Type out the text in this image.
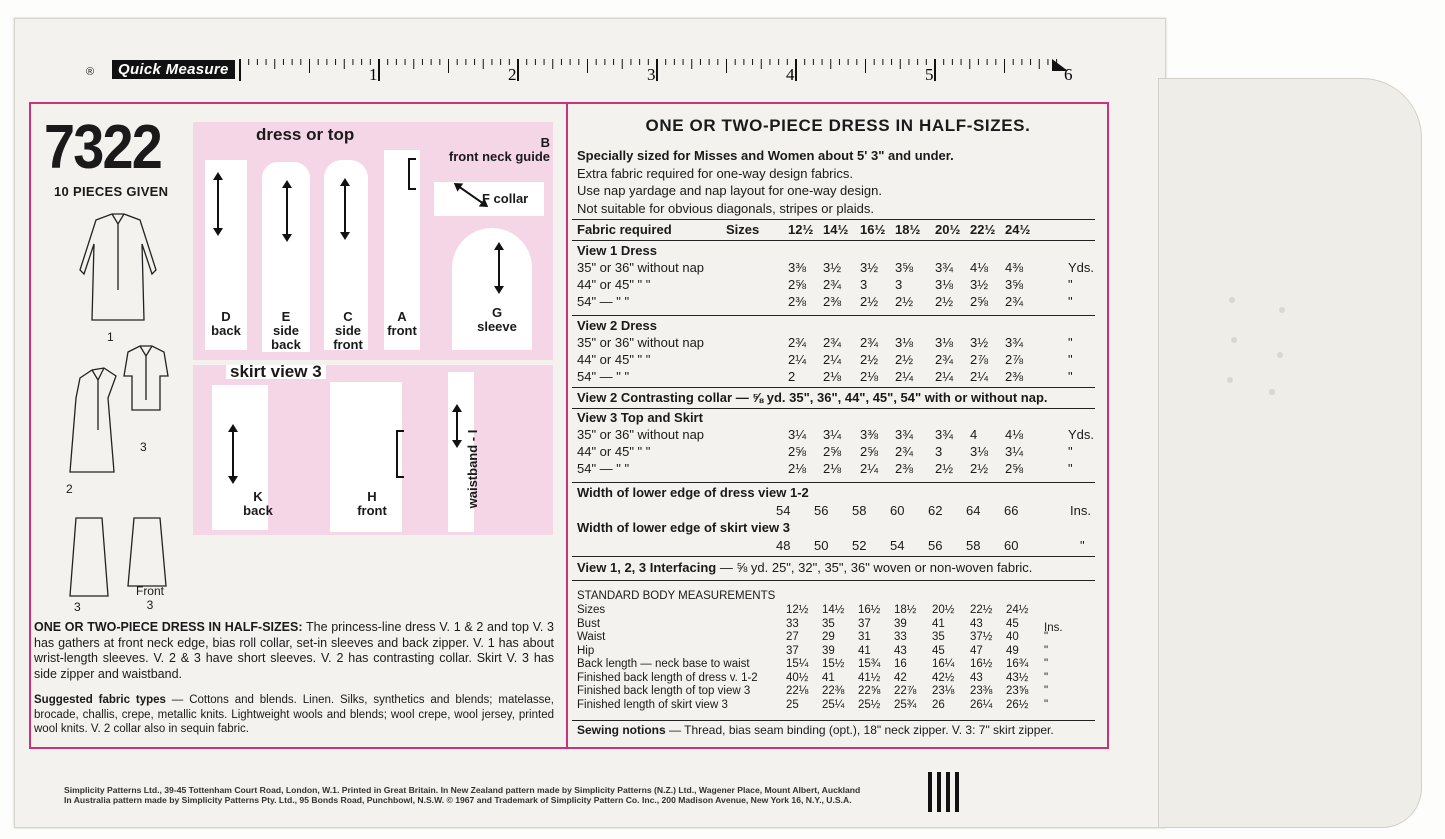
®	Quick Measure	1	2	3	4	5	6
7322
10 PIECES GIVEN
1
2
3
3
Front
3
dress or top
skirt view 3
B
front neck guide
F collar
G
sleeve
D
back
E
side
back
C
side
front
A
front
K
back
H
front
waistband - I
ONE OR TWO-PIECE DRESS IN HALF-SIZES: The princess-line dress V. 1 & 2 and top V. 3 has gathers at front neck edge, bias roll collar, set-in sleeves and back zipper. V. 1 has about wrist-length sleeves. V. 2 & 3 have short sleeves. V. 2 has contrasting collar. Skirt V. 3 has side zipper and waistband.
Suggested fabric types — Cottons and blends. Linen. Silks, synthetics and blends; matelasse, brocade, challis, crepe, metallic knits. Lightweight wools and blends; wool crepe, wool jersey, printed wool knits. V. 2 collar also in sequin fabric.
ONE OR TWO-PIECE DRESS IN HALF-SIZES.
Specially sized for Misses and Women about 5' 3" and under.
Extra fabric required for one-way design fabrics.
Use nap yardage and nap layout for one-way design.
Not suitable for obvious diagonals, stripes or plaids.
Fabric required	Sizes 12½ 14½ 16½ 18½ 20½ 22½ 24½
View 1 Dress
35" or 36" without nap	3⅜ 3½ 3½ 3⅝ 3¾ 4⅛ 4⅜	Yds.
44" or 45" " "	2⅝ 2¾ 3 3	3⅛ 3½ 3⅝	"
54" — " "	2⅜ 2⅜ 2½ 2½ 2½ 2⅝ 2¾	"
View 2 Dress
35" or 36" without nap	2¾ 2¾ 2¾ 3⅛ 3⅛ 3½ 3¾	"
44" or 45" " "	2¼ 2¼ 2½ 2½ 2¾ 2⅞ 2⅞	"
54" — " "	2 2⅛ 2⅛ 2¼ 2¼ 2¼ 2⅜	"
View 2 Contrasting collar — ⅝ yd. 35", 36", 44", 45", 54" with or without nap.
View 3 Top and Skirt
35" or 36" without nap	3¼ 3¼ 3⅜ 3¾ 3¾ 4 4⅛	Yds.
44" or 45" " "	2⅝ 2⅝ 2⅝ 2¾ 3 3⅛ 3¼	"
54" — " "	2⅛ 2⅛ 2¼ 2⅜ 2½ 2½ 2⅝	"
Width of lower edge of dress view 1-2
54 56 58 60 62 64 66	Ins.
Width of lower edge of skirt view 3
48 50 52 54 56 58 60	"
View 1, 2, 3 Interfacing — ⅝ yd. 25", 32", 35", 36" woven or non-woven fabric.
STANDARD BODY MEASUREMENTS
Sizes	12½ 14½ 16½ 18½ 20½ 22½ 24½
Bust	33 35 37 39 41 43 45 Ins.
Waist	27 29 31 33 35 37½ 40 "
Hip	37 39 41 43 45 47 49 "
Back length — neck base to waist	15¼ 15½ 15¾ 16 16¼ 16½ 16¾ "
Finished back length of dress v. 1-2 40½ 41 41½ 42 42½ 43 43½ "
Finished back length of top view 3	22⅛ 22⅜ 22⅝ 22⅞ 23⅛ 23⅜ 23⅝ "
Finished length of skirt view 3	25 25¼ 25½ 25¾ 26 26¼ 26½ "
Sewing notions — Thread, bias seam binding (opt.), 18" neck zipper. V. 3: 7" skirt zipper.
Simplicity Patterns Ltd., 39-45 Tottenham Court Road, London, W.1. Printed in Great Britain. In New Zealand pattern made by Simplicity Patterns (N.Z.) Ltd., Wagener Place, Mount Albert, Auckland
In Australia pattern made by Simplicity Patterns Pty. Ltd., 95 Bonds Road, Punchbowl, N.S.W. © 1967 and Trademark of Simplicity Pattern Co. Inc., 200 Madison Avenue, New York 16, N.Y., U.S.A.
